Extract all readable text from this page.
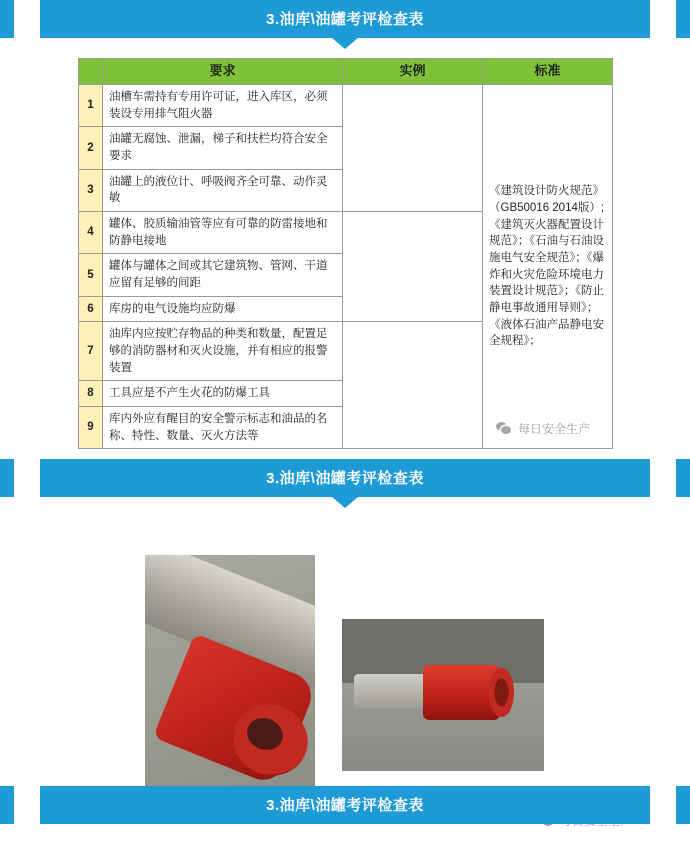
3.油库\油罐考评检查表
	要求	实例	标准
1	油槽车需持有专用许可证，进入库区，必须装设专用排气阻火器		《建筑设计防火规范》（GB50016 2014版）;《建筑灭火器配置设计规范》；《石油与石油设施电气安全规范》；《爆炸和火灾危险环境电力装置设计规范》；《防止静电事故通用导则》；《液体石油产品静电安全规程》；
2	油罐无腐蚀、泄漏，梯子和扶栏均符合安全要求		
3	油罐上的液位计、呼吸阀齐全可靠、动作灵敏		
4	罐体、胶质输油管等应有可靠的防雷接地和防静电接地		

5	罐体与罐体之间或其它建筑物、管网、干道应留有足够的间距		
6	库房的电气设施均应防爆		
7	油库内应按贮存物品的种类和数量，配置足够的消防器材和灭火设施，并有相应的报警装置		

8	工具应是不产生火花的防爆工具		
9	库内外应有醒目的安全警示标志和油品的名称、特性、数量、灭火方法等			每日安全生产
3.油库\油罐考评检查表
3.油库\油罐考评检查表
